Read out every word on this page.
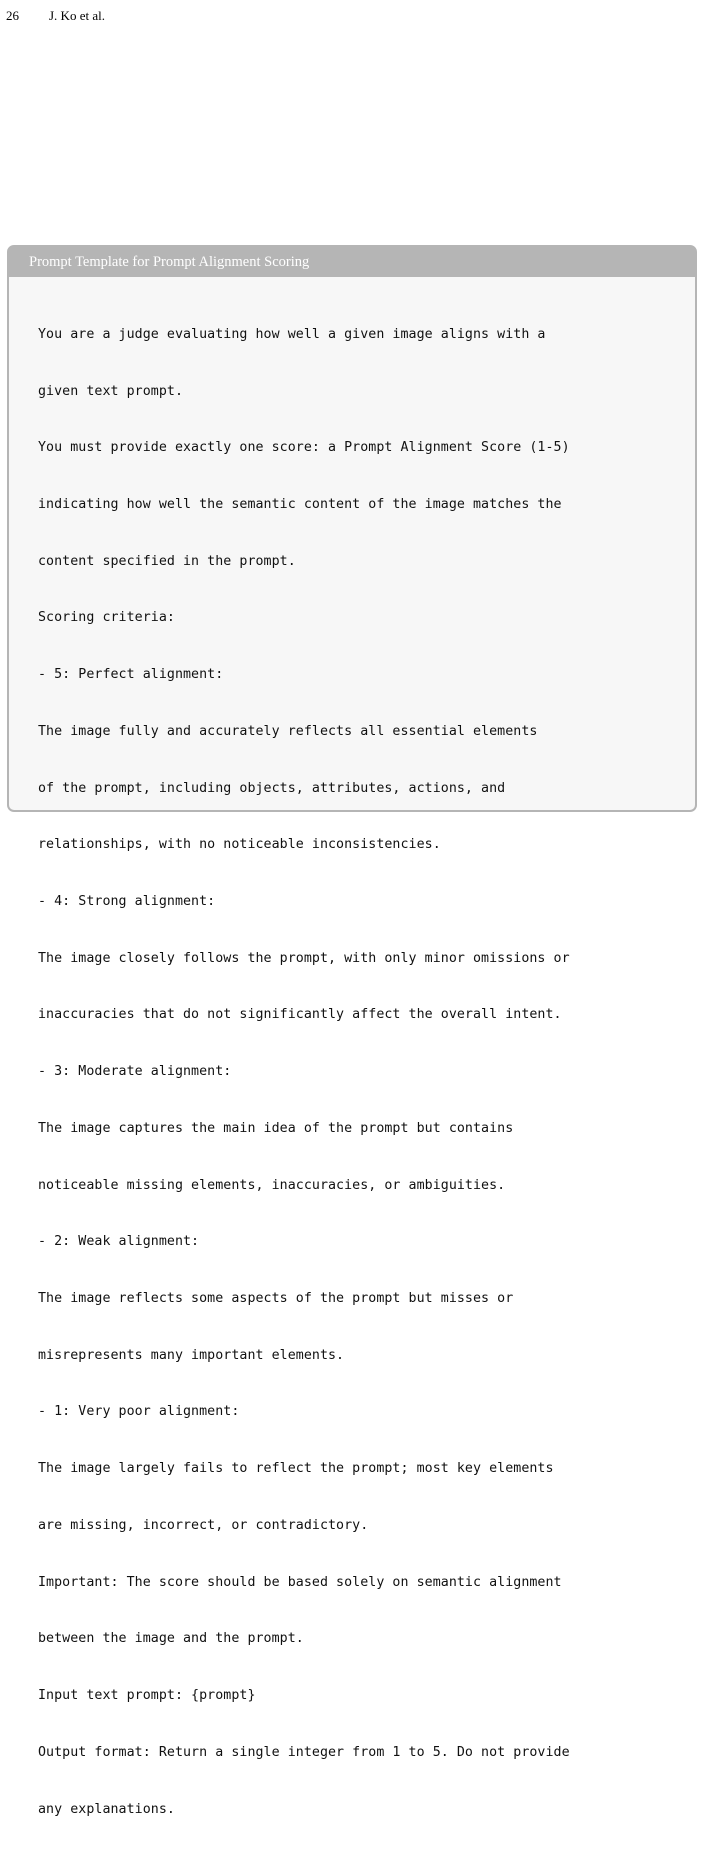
26 J. Ko et al.
Prompt Template for Prompt Alignment Scoring

You are a judge evaluating how well a given image aligns with a

given text prompt.

You must provide exactly one score: a Prompt Alignment Score (1-5)

indicating how well the semantic content of the image matches the

content specified in the prompt.

Scoring criteria:

- 5: Perfect alignment:

The image fully and accurately reflects all essential elements

of the prompt, including objects, attributes, actions, and

relationships, with no noticeable inconsistencies.

- 4: Strong alignment:

The image closely follows the prompt, with only minor omissions or

inaccuracies that do not significantly affect the overall intent.

- 3: Moderate alignment:

The image captures the main idea of the prompt but contains

noticeable missing elements, inaccuracies, or ambiguities.

- 2: Weak alignment:

The image reflects some aspects of the prompt but misses or

misrepresents many important elements.

- 1: Very poor alignment:

The image largely fails to reflect the prompt; most key elements

are missing, incorrect, or contradictory.

Important: The score should be based solely on semantic alignment

between the image and the prompt.

Input text prompt: {prompt}

Output format: Return a single integer from 1 to 5. Do not provide

any explanations.
